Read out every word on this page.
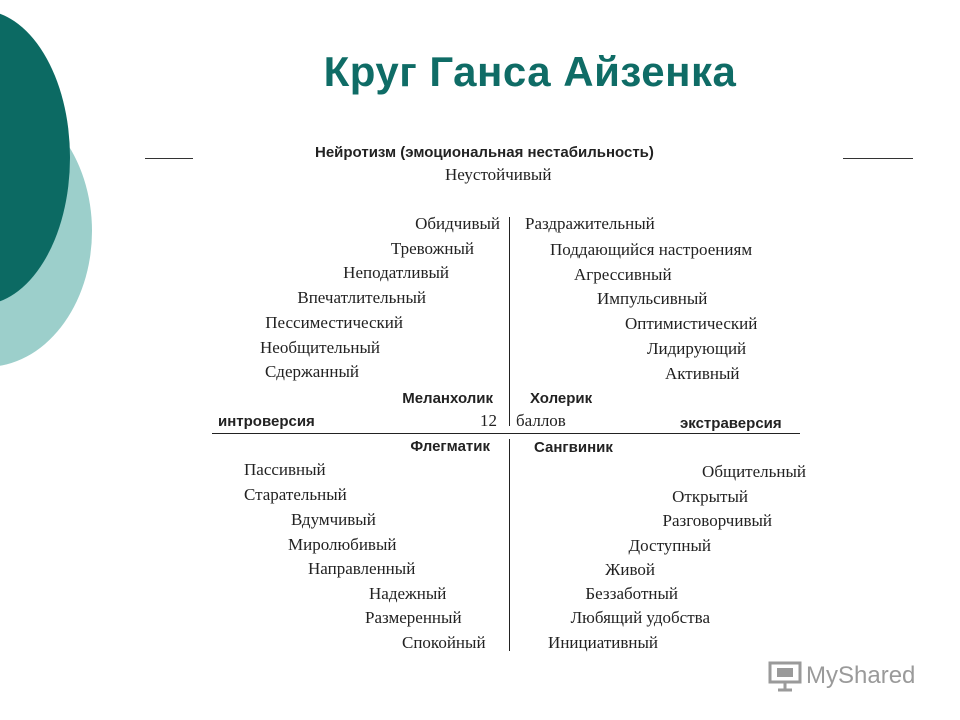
Круг Ганса Айзенка
Нейротизм (эмоциональная нестабильность)
Неустойчивый
Обидчивый
Тревожный
Неподатливый
Впечатлительный
Пессиместический
Необщительный
Сдержанный
Раздражительный
Поддающийся настроениям
Агрессивный
Импульсивный
Оптимистический
Лидирующий
Активный
Меланхолик Холерик
интроверсия	12 баллов	экстраверсия
Флегматик	Сангвиник
Пассивный
Старательный
Вдумчивый
Миролюбивый
Направленный
Надежный
Размеренный
Спокойный
Общительный
Открытый
Разговорчивый
Доступный
Живой
Беззаботный
Любящий удобства
Инициативный
MyShared
